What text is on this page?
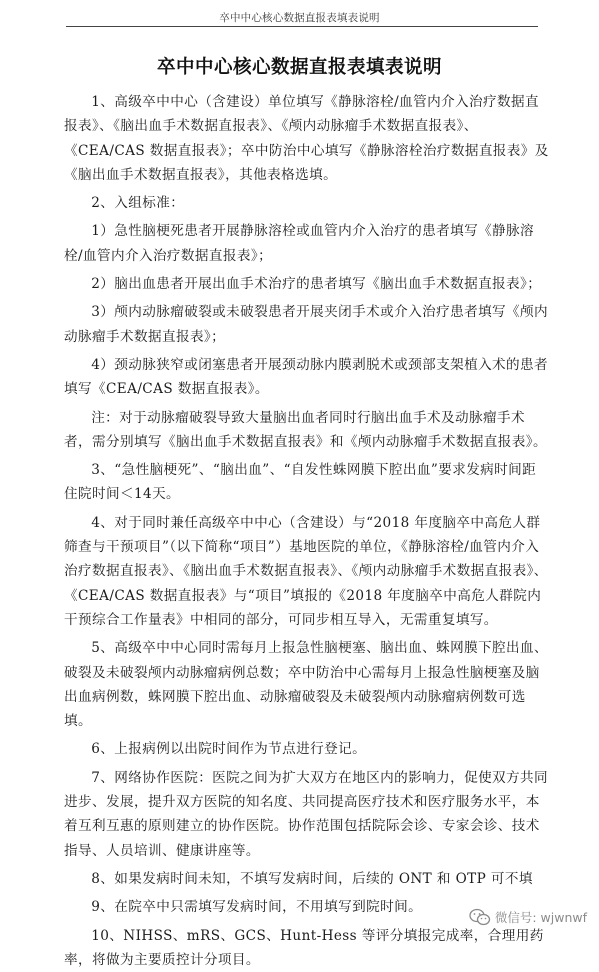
卒中中心核心数据直报表填表说明
卒中中心核心数据直报表填表说明

1、高级卒中中心（含建设）单位填写《静脉溶栓/血管内介入治疗数据直报表》、《脑出血手术数据直报表》、《颅内动脉瘤手术数据直报表》、《CEA/CAS 数据直报表》；卒中防治中心填写《静脉溶栓治疗数据直报表》及《脑出血手术数据直报表》，其他表格选填。

2、入组标准：

1）急性脑梗死患者开展静脉溶栓或血管内介入治疗的患者填写《静脉溶栓/血管内介入治疗数据直报表》；

2）脑出血患者开展出血手术治疗的患者填写《脑出血手术数据直报表》；

3）颅内动脉瘤破裂或未破裂患者开展夹闭手术或介入治疗患者填写《颅内动脉瘤手术数据直报表》；

4）颈动脉狭窄或闭塞患者开展颈动脉内膜剥脱术或颈部支架植入术的患者填写《CEA/CAS 数据直报表》。

注：对于动脉瘤破裂导致大量脑出血者同时行脑出血手术及动脉瘤手术者，需分别填写《脑出血手术数据直报表》和《颅内动脉瘤手术数据直报表》。

3、“急性脑梗死”、“脑出血”、“自发性蛛网膜下腔出血”要求发病时间距住院时间＜14天。

4、对于同时兼任高级卒中中心（含建设）与“2018 年度脑卒中高危人群筛查与干预项目”（以下简称“项目”）基地医院的单位，《静脉溶栓/血管内介入治疗数据直报表》、《脑出血手术数据直报表》、《颅内动脉瘤手术数据直报表》、《CEA/CAS 数据直报表》与“项目”填报的《2018 年度脑卒中高危人群院内干预综合工作量表》中相同的部分，可同步相互导入，无需重复填写。

5、高级卒中中心同时需每月上报急性脑梗塞、脑出血、蛛网膜下腔出血、破裂及未破裂颅内动脉瘤病例总数；卒中防治中心需每月上报急性脑梗塞及脑出血病例数，蛛网膜下腔出血、动脉瘤破裂及未破裂颅内动脉瘤病例数可选填。

6、上报病例以出院时间作为节点进行登记。

7、网络协作医院：医院之间为扩大双方在地区内的影响力，促使双方共同进步、发展，提升双方医院的知名度、共同提高医疗技术和医疗服务水平，本着互利互惠的原则建立的协作医院。协作范围包括院际会诊、专家会诊、技术指导、人员培训、健康讲座等。

8、如果发病时间未知，不填写发病时间，后续的 ONT 和 OTP 可不填

9、在院卒中只需填写发病时间，不用填写到院时间。

10、NIHSS、mRS、GCS、Hunt-Hess 等评分填报完成率，合理用药率，将做为主要质控计分项目。

微信号: wjwnwf
